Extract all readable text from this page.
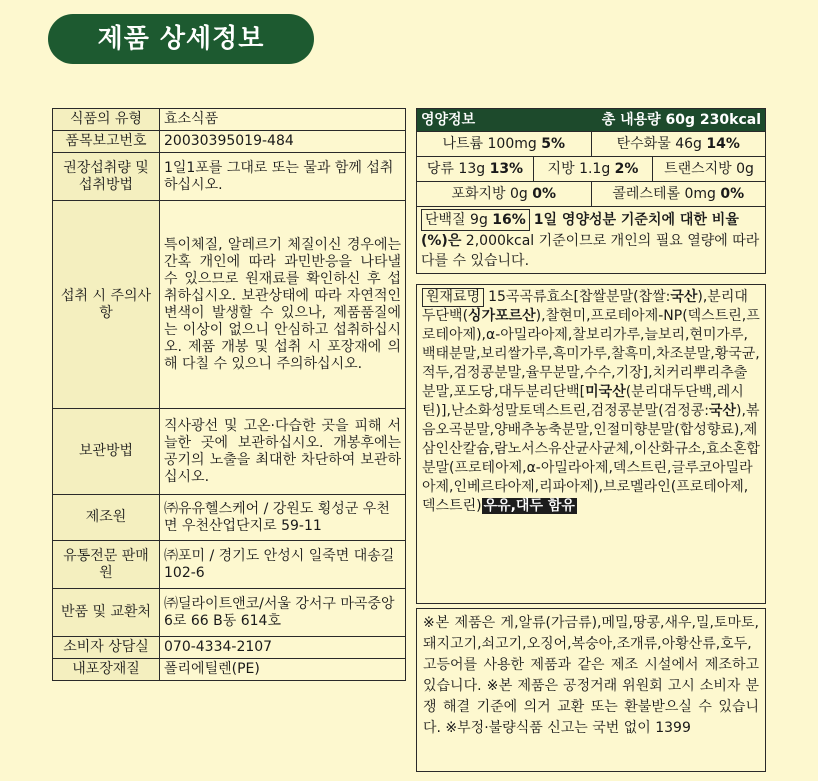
제품 상세정보
식품의 유형	효소식품
품목보고번호	20030395019-484
권장섭취량 및 섭취방법	1일1포를 그대로 또는 물과 함께 섭취하십시오.
섭취 시 주의사항	특이체질, 알레르기 체질이신 경우에는 간혹 개인에 따라 과민반응을 나타낼 수 있으므로 원재료를 확인하신 후 섭취하십시오. 보관상태에 따라 자연적인 변색이 발생할 수 있으나, 제품품질에는 이상이 없으니 안심하고 섭취하십시오. 제품 개봉 및 섭취 시 포장재에 의해 다칠 수 있으니 주의하십시오.
보관방법	직사광선 및 고온·다습한 곳을 피해 서늘한 곳에 보관하십시오. 개봉후에는 공기의 노출을 최대한 차단하여 보관하십시오.
제조원	㈜유유헬스케어 / 강원도 횡성군 우천면 우천산업단지로 59-11
유통전문 판매원	㈜포미 / 경기도 안성시 일죽면 대송길102-6
반품 및 교환처	㈜딜라이트앤코/서울 강서구 마곡중앙6로 66 B동 614호
소비자 상담실	070-4334-2107
내포장재질	폴리에틸렌(PE)
영양정보	총 내용량 60g 230kcal
나트륨 100mg 5%	탄수화물 46g 14%
당류 13g 13%	지방 1.1g 2%	트랜스지방 0g
포화지방 0g 0%	콜레스테롤 0mg 0%
단백질 9g 16% 1일 영양성분 기준치에 대한 비율(%)은 2,000kcal 기준이므로 개인의 필요 열량에 따라 다를 수 있습니다.
원재료명 15곡곡류효소[찹쌀분말(찹쌀:국산),분리대두단백(싱가포르산),찰현미,프로테아제-NP(덱스트린,프로테아제),α-아밀라아제,찰보리가루,늘보리,현미가루,백태분말,보리쌀가루,흑미가루,찰흑미,차조분말,황국균,적두,검정콩분말,율무분말,수수,기장],치커리뿌리추출분말,포도당,대두분리단백[미국산(분리대두단백,레시틴)],난소화성말토덱스트린,검정콩분말(검정콩:국산),볶음오곡분말,양배추농축분말,인절미향분말(합성향료),제삼인산칼슘,람노서스유산균사균체,이산화규소,효소혼합분말(프로테아제,α-아밀라아제,덱스트린,글루코아밀라아제,인베르타아제,리파아제),브로멜라인(프로테아제,덱스트린) 우유,대두 함유
※본 제품은 게,알류(가금류),메밀,땅콩,새우,밀,토마토,돼지고기,쇠고기,오징어,복숭아,조개류,아황산류,호두,고등어를 사용한 제품과 같은 제조 시설에서 제조하고 있습니다. ※본 제품은 공정거래 위원회 고시 소비자 분쟁 해결 기준에 의거 교환 또는 환불받으실 수 있습니다. ※부정·불량식품 신고는 국번 없이 1399
